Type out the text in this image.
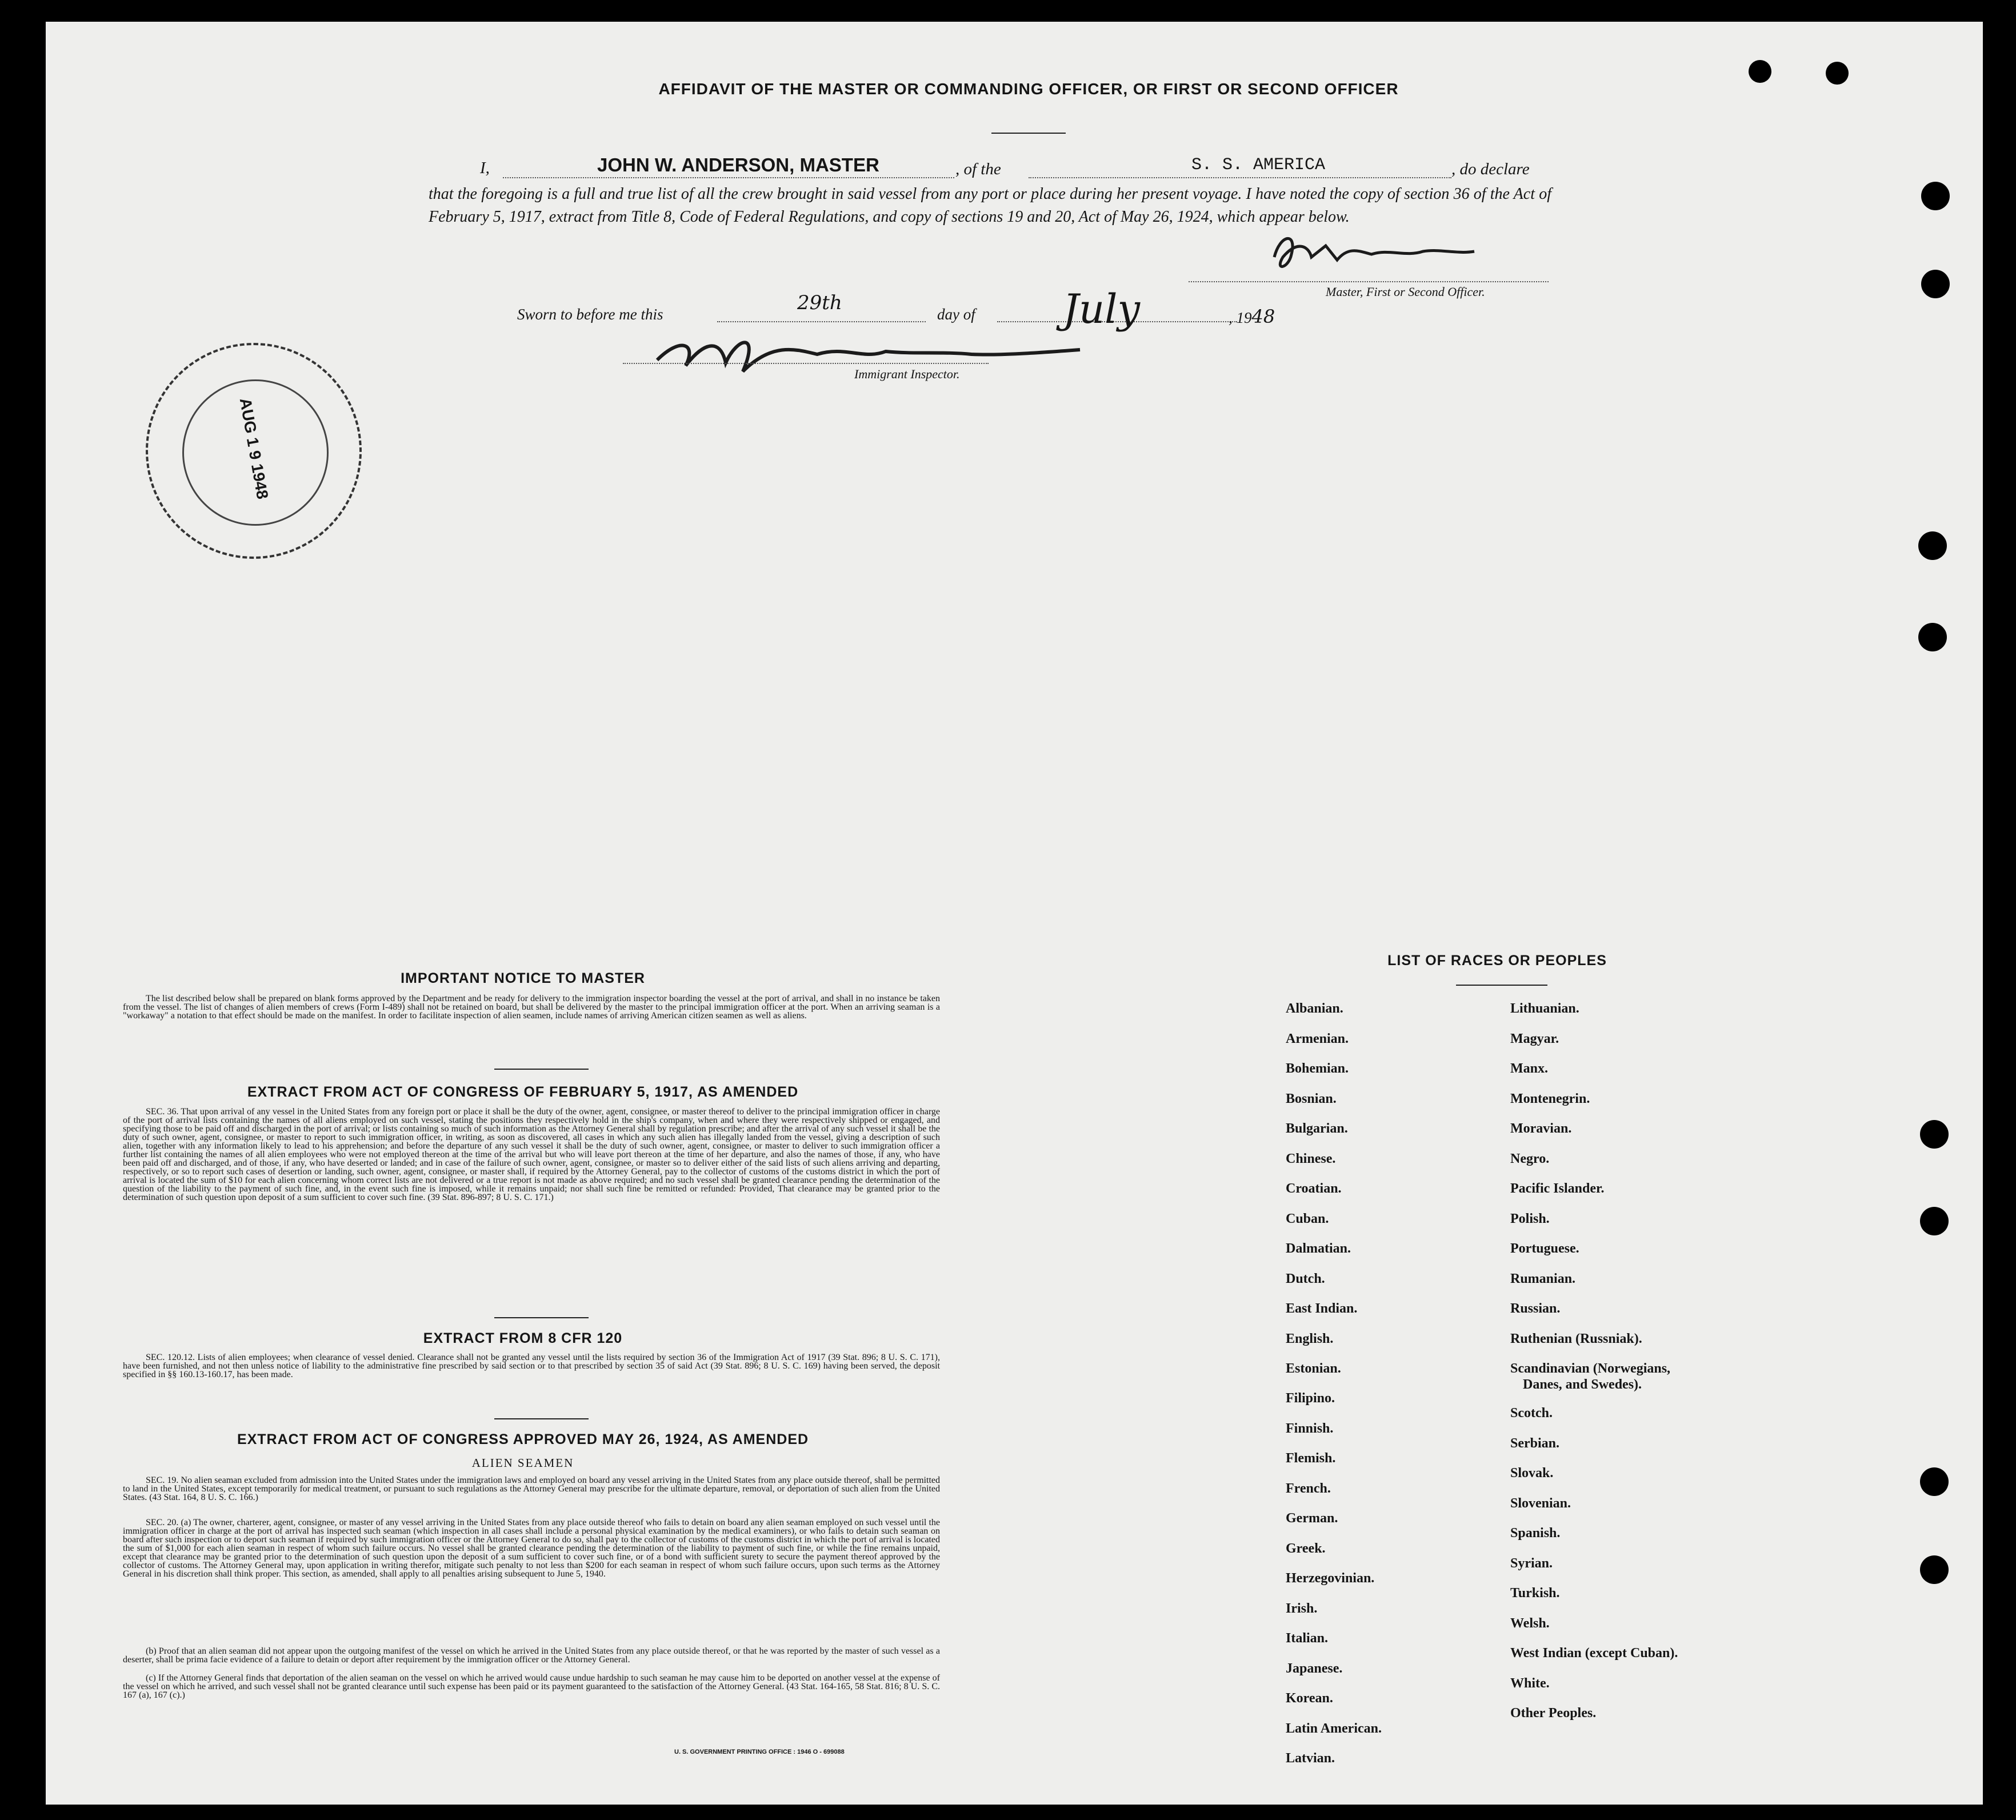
AFFIDAVIT OF THE MASTER OR COMMANDING OFFICER, OR FIRST OR SECOND OFFICER
I,	JOHN W. ANDERSON, MASTER	, of the	S. S. AMERICA	, do declare
that the foregoing is a full and true list of all the crew brought in said vessel from any port or place during her present voyage. I have noted the copy of section 36 of the Act of February 5, 1917, extract from Title 8, Code of Federal Regulations, and copy of sections 19 and 20, Act of May 26, 1924, which appear below.
Master, First or Second Officer.
Sworn to before me this	29th	day of July	, 1948
Immigrant Inspector.
AUG 1 9 1948
IMPORTANT NOTICE TO MASTER
The list described below shall be prepared on blank forms approved by the Department and be ready for delivery to the immigration inspector boarding the vessel at the port of arrival, and shall in no instance be taken from the vessel. The list of changes of alien members of crews (Form I-489) shall not be retained on board, but shall be delivered by the master to the principal immigration officer at the port. When an arriving seaman is a "workaway" a notation to that effect should be made on the manifest. In order to facilitate inspection of alien seamen, include names of arriving American citizen seamen as well as aliens.
EXTRACT FROM ACT OF CONGRESS OF FEBRUARY 5, 1917, AS AMENDED
SEC. 36. That upon arrival of any vessel in the United States from any foreign port or place it shall be the duty of the owner, agent, consignee, or master thereof to deliver to the principal immigration officer in charge of the port of arrival lists containing the names of all aliens employed on such vessel, stating the positions they respectively hold in the ship's company, when and where they were respectively shipped or engaged, and specifying those to be paid off and discharged in the port of arrival; or lists containing so much of such information as the Attorney General shall by regulation prescribe; and after the arrival of any such vessel it shall be the duty of such owner, agent, consignee, or master to report to such immigration officer, in writing, as soon as discovered, all cases in which any such alien has illegally landed from the vessel, giving a description of such alien, together with any information likely to lead to his apprehension; and before the departure of any such vessel it shall be the duty of such owner, agent, consignee, or master to deliver to such immigration officer a further list containing the names of all alien employees who were not employed thereon at the time of the arrival but who will leave port thereon at the time of her departure, and also the names of those, if any, who have been paid off and discharged, and of those, if any, who have deserted or landed; and in case of the failure of such owner, agent, consignee, or master so to deliver either of the said lists of such aliens arriving and departing, respectively, or so to report such cases of desertion or landing, such owner, agent, consignee, or master shall, if required by the Attorney General, pay to the collector of customs of the customs district in which the port of arrival is located the sum of $10 for each alien concerning whom correct lists are not delivered or a true report is not made as above required; and no such vessel shall be granted clearance pending the determination of the question of the liability to the payment of such fine, and, in the event such fine is imposed, while it remains unpaid; nor shall such fine be remitted or refunded: Provided, That clearance may be granted prior to the determination of such question upon deposit of a sum sufficient to cover such fine. (39 Stat. 896-897; 8 U. S. C. 171.)
EXTRACT FROM 8 CFR 120
SEC. 120.12. Lists of alien employees; when clearance of vessel denied. Clearance shall not be granted any vessel until the lists required by section 36 of the Immigration Act of 1917 (39 Stat. 896; 8 U. S. C. 171), have been furnished, and not then unless notice of liability to the administrative fine prescribed by said section or to that prescribed by section 35 of said Act (39 Stat. 896; 8 U. S. C. 169) having been served, the deposit specified in §§ 160.13-160.17, has been made.
EXTRACT FROM ACT OF CONGRESS APPROVED MAY 26, 1924, AS AMENDED
ALIEN SEAMEN
SEC. 19. No alien seaman excluded from admission into the United States under the immigration laws and employed on board any vessel arriving in the United States from any place outside thereof, shall be permitted to land in the United States, except temporarily for medical treatment, or pursuant to such regulations as the Attorney General may prescribe for the ultimate departure, removal, or deportation of such alien from the United States. (43 Stat. 164, 8 U. S. C. 166.)
SEC. 20. (a) The owner, charterer, agent, consignee, or master of any vessel arriving in the United States from any place outside thereof who fails to detain on board any alien seaman employed on such vessel until the immigration officer in charge at the port of arrival has inspected such seaman (which inspection in all cases shall include a personal physical examination by the medical examiners), or who fails to detain such seaman on board after such inspection or to deport such seaman if required by such immigration officer or the Attorney General to do so, shall pay to the collector of customs of the customs district in which the port of arrival is located the sum of $1,000 for each alien seaman in respect of whom such failure occurs. No vessel shall be granted clearance pending the determination of the liability to payment of such fine, or while the fine remains unpaid, except that clearance may be granted prior to the determination of such question upon the deposit of a sum sufficient to cover such fine, or of a bond with sufficient surety to secure the payment thereof approved by the collector of customs. The Attorney General may, upon application in writing therefor, mitigate such penalty to not less than $200 for each seaman in respect of whom such failure occurs, upon such terms as the Attorney General in his discretion shall think proper. This section, as amended, shall apply to all penalties arising subsequent to June 5, 1940.
(b) Proof that an alien seaman did not appear upon the outgoing manifest of the vessel on which he arrived in the United States from any place outside thereof, or that he was reported by the master of such vessel as a deserter, shall be prima facie evidence of a failure to detain or deport after requirement by the immigration officer or the Attorney General.
(c) If the Attorney General finds that deportation of the alien seaman on the vessel on which he arrived would cause undue hardship to such seaman he may cause him to be deported on another vessel at the expense of the vessel on which he arrived, and such vessel shall not be granted clearance until such expense has been paid or its payment guaranteed to the satisfaction of the Attorney General. (43 Stat. 164-165, 58 Stat. 816; 8 U. S. C. 167 (a), 167 (c).)
U. S. GOVERNMENT PRINTING OFFICE : 1946 O - 699088
LIST OF RACES OR PEOPLES
Albanian.
Armenian.
Bohemian.
Bosnian.
Bulgarian.
Chinese.
Croatian.
Cuban.
Dalmatian.
Dutch.
East Indian.
English.
Estonian.
Filipino.
Finnish.
Flemish.
French.
German.
Greek.
Herzegovinian.
Irish.
Italian.
Japanese.
Korean.
Latin American.
Latvian.
Lithuanian.
Magyar.
Manx.
Montenegrin.
Moravian.
Negro.
Pacific Islander.
Polish.
Portuguese.
Rumanian.
Russian.
Ruthenian (Russniak).
Scandinavian (Norwegians,
Danes, and Swedes).
Scotch.
Serbian.
Slovak.
Slovenian.
Spanish.
Syrian.
Turkish.
Welsh.
West Indian (except Cuban).
White.
Other Peoples.
